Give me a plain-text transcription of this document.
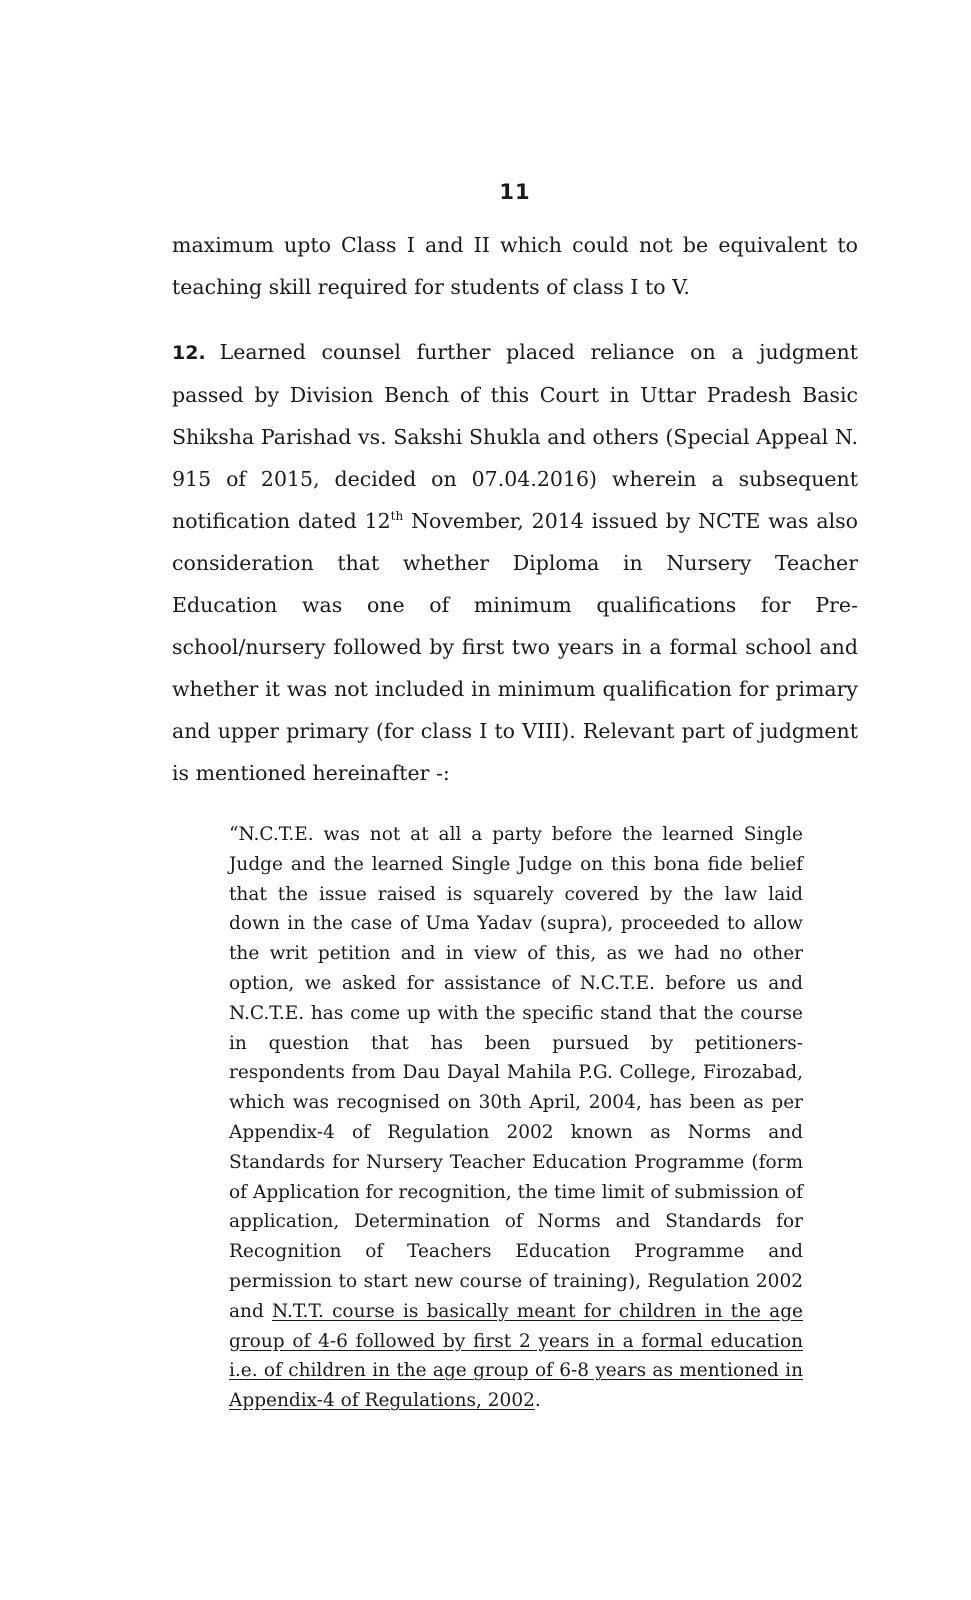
11
maximum upto Class I and II which could not be equivalent to teaching skill required for students of class I to V.
12. Learned counsel further placed reliance on a judgment passed by Division Bench of this Court in Uttar Pradesh Basic Shiksha Parishad vs. Sakshi Shukla and others (Special Appeal N. 915 of 2015, decided on 07.04.2016) wherein a subsequent notification dated 12th November, 2014 issued by NCTE was also consideration that whether Diploma in Nursery Teacher Education was one of minimum qualifications for Pre-school/nursery followed by first two years in a formal school and whether it was not included in minimum qualification for primary and upper primary (for class I to VIII). Relevant part of judgment is mentioned hereinafter -:
“N.C.T.E. was not at all a party before the learned Single Judge and the learned Single Judge on this bona fide belief that the issue raised is squarely covered by the law laid down in the case of Uma Yadav (supra), proceeded to allow the writ petition and in view of this, as we had no other option, we asked for assistance of N.C.T.E. before us and N.C.T.E. has come up with the specific stand that the course in question that has been pursued by petitioners-respondents from Dau Dayal Mahila P.G. College, Firozabad, which was recognised on 30th April, 2004, has been as per Appendix-4 of Regulation 2002 known as Norms and Standards for Nursery Teacher Education Programme (form of Application for recognition, the time limit of submission of application, Determination of Norms and Standards for Recognition of Teachers Education Programme and permission to start new course of training), Regulation 2002 and N.T.T. course is basically meant for children in the age group of 4-6 followed by first 2 years in a formal education i.e. of children in the age group of 6-8 years as mentioned in Appendix-4 of Regulations, 2002.
